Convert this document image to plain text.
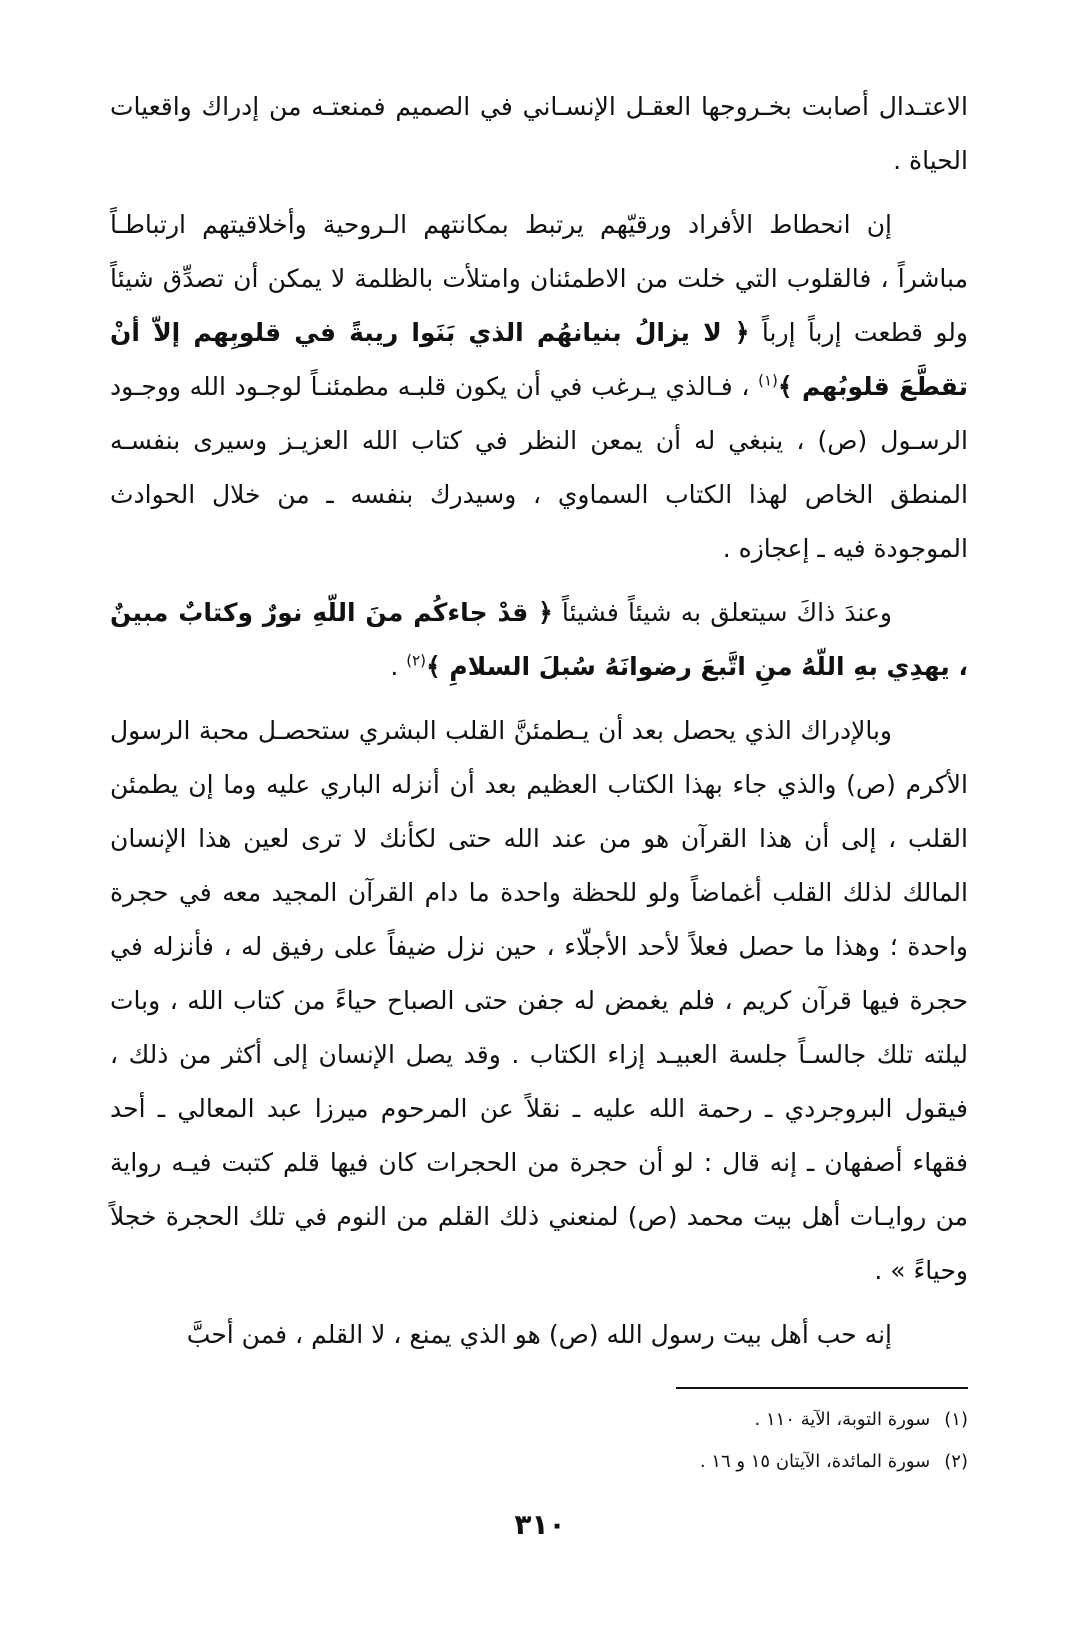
الاعتـدال أصابت بخـروجها العقـل الإنسـاني في الصميم فمنعتـه من إدراك واقعيات الحياة .

إن انحطاط الأفراد ورقيّهم يرتبط بمكانتهم الـروحية وأخلاقيتهم ارتباطـاً مباشراً ، فالقلوب التي خلت من الاطمئنان وامتلأت بالظلمة لا يمكن أن تصدِّق شيئاً ولو قطعت إرباً إرباً ﴿ لا يزالُ بنيانهُم الذي بَنَوا ريبةً في قلوبِهم إلاّ أنْ تقطَّعَ قلوبُهم ﴾$^{(١)}$ ، فـالذي يـرغب في أن يكون قلبـه مطمئنـاً لوجـود الله ووجـود الرسـول (ص) ، ينبغي له أن يمعن النظر في كتاب الله العزيـز وسيرى بنفسـه المنطق الخاص لهذا الكتاب السماوي ، وسيدرك بنفسه ـ من خلال الحوادث الموجودة فيه ـ إعجازه .

وعندَ ذاكَ سيتعلق به شيئاً فشيئاً ﴿ قدْ جاءكُم منَ اللّهِ نورٌ وكتابٌ مبينٌ ، يهدِي بهِ اللّهُ منِ اتَّبعَ رضوانَهُ سُبلَ السلامِ ﴾$^{(٢)}$ .

وبالإدراك الذي يحصل بعد أن يـطمئنَّ القلب البشري ستحصـل محبة الرسول الأكرم (ص) والذي جاء بهذا الكتاب العظيم بعد أن أنزله الباري عليه وما إن يطمئن القلب ، إلى أن هذا القرآن هو من عند الله حتى لكأنك لا ترى لعين هذا الإنسان المالك لذلك القلب أغماضاً ولو للحظة واحدة ما دام القرآن المجيد معه في حجرة واحدة ؛ وهذا ما حصل فعلاً لأحد الأجلّاء ، حين نزل ضيفاً على رفيق له ، فأنزله في حجرة فيها قرآن كريم ، فلم يغمض له جفن حتى الصباح حياءً من كتاب الله ، وبات ليلته تلك جالسـاً جلسة العبيـد إزاء الكتاب . وقد يصل الإنسان إلى أكثر من ذلك ، فيقول البروجردي ـ رحمة الله عليه ـ نقلاً عن المرحوم ميرزا عبد المعالي ـ أحد فقهاء أصفهان ـ إنه قال : لو أن حجرة من الحجرات كان فيها قلم كتبت فيـه رواية من روايـات أهل بيت محمد (ص) لمنعني ذلك القلم من النوم في تلك الحجرة خجلاً وحياءً » .

إنه حب أهل بيت رسول الله (ص) هو الذي يمنع ، لا القلم ، فمن أحبَّ

(١)سورة التوبة، الآية ١١٠ .
(٢)سورة المائدة، الآيتان ١٥ و ١٦ .
٣١٠
